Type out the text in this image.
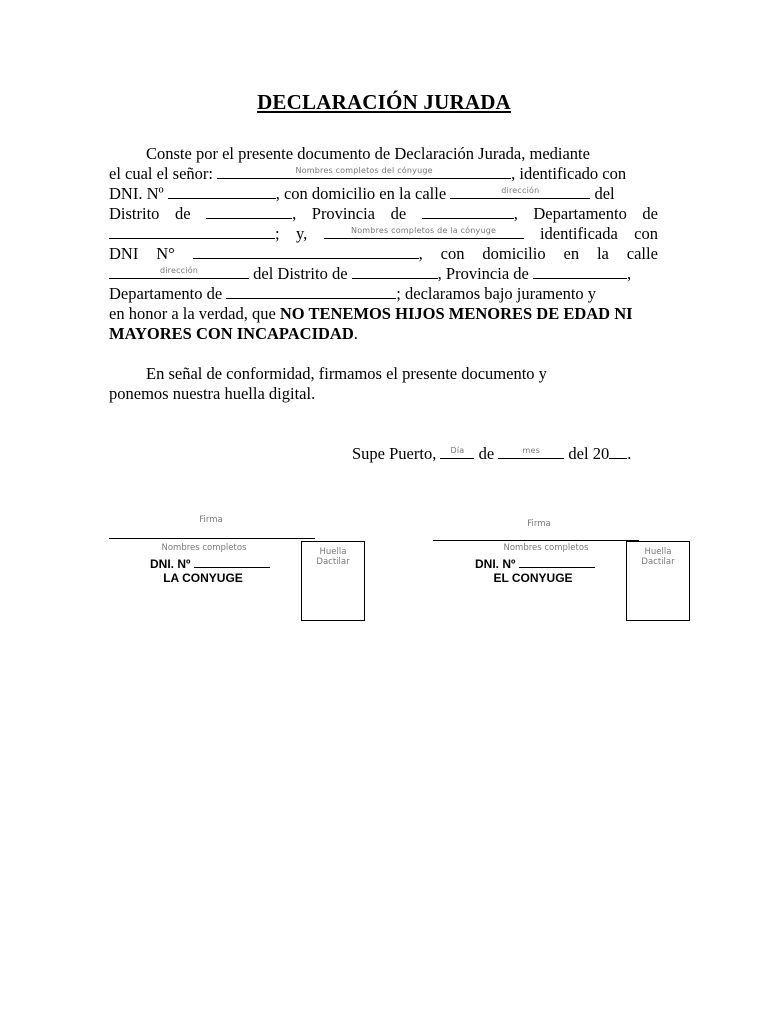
DECLARACIÓN JURADA
Conste por el presente documento de Declaración Jurada, mediante
el cual el señor:	Nombres completos del cónyuge	, identificado con
DNI. Nº	, con domicilio en la calle	dirección	del
Distrito de	, Provincia de	, Departamento de
; y,	Nombres completos de la cónyuge	identificada con
DNI N°	, con domicilio en la calle
dirección	del Distrito de	, Provincia de	,
Departamento de	; declaramos bajo juramento y
en honor a la verdad, que NO TENEMOS HIJOS MENORES DE EDAD NI
MAYORES CON INCAPACIDAD.
En señal de conformidad, firmamos el presente documento y
ponemos nuestra huella digital.
Supe Puerto,	Día de	mes	del 20 .
Firma
Nombres completos
DNI. Nº
LA CONYUGE
Huella
Dactilar
Firma
Nombres completos
DNI. Nº
EL CONYUGE
Huella
Dactilar
